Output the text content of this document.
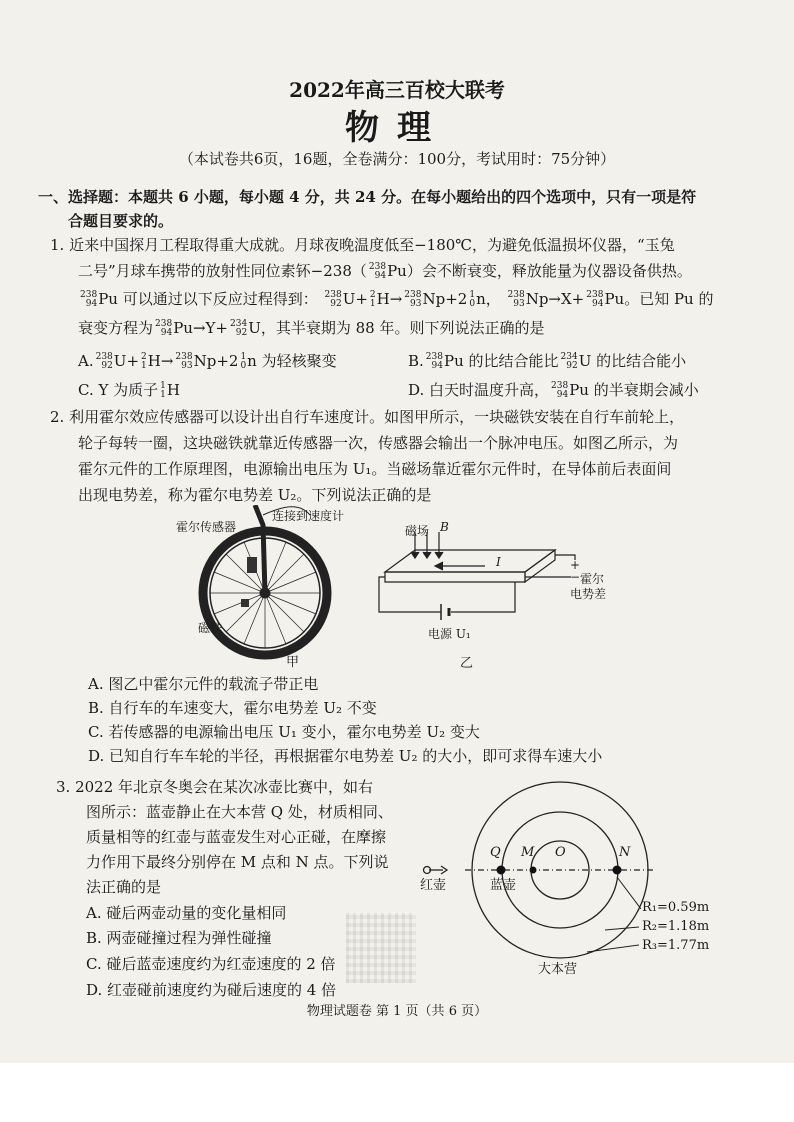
2022年高三百校大联考
物理
（本试卷共6页，16题，全卷满分：100分，考试用时：75分钟）
一、选择题：本题共 6 小题，每小题 4 分，共 24 分。在每小题给出的四个选项中，只有一项是符
合题目要求的。
1. 近来中国探月工程取得重大成就。月球夜晚温度低至−180℃，为避免低温损坏仪器，“玉兔
二号”月球车携带的放射性同位素钚−238（ 238
94 Pu）会不断衰变，释放能量为仪器设备供热。
238
94 Pu 可以通过以下反应过程得到： 238
92 U+ 2
1 H→ 238
93 Np+2 1
0 n， 238
93 Np→X+ 238
94 Pu。已知 Pu 的
衰变方程为 238
94 Pu→Y+ 234
92 U，其半衰期为 88 年。则下列说法正确的是
A. 238
92 U+ 2
1 H→ 238
93 Np+2 1
0 n 为轻核聚变	B. 238
94 Pu 的比结合能比 234
92 U 的比结合能小
C. Y 为质子 1
1 H	D. 白天时温度升高， 238
94 Pu 的半衰期会减小
2. 利用霍尔效应传感器可以设计出自行车速度计。如图甲所示，一块磁铁安装在自行车前轮上，
轮子每转一圈，这块磁铁就靠近传感器一次，传感器会输出一个脉冲电压。如图乙所示，为
霍尔元件的工作原理图，电源输出电压为 U₁。当磁场靠近霍尔元件时，在导体前后表面间
出现电势差，称为霍尔电势差 U₂。下列说法正确的是
霍尔传感器
连接到速度计
磁铁
甲
磁场 B
I	+
− 霍尔
电势差
电源 U₁
乙
A. 图乙中霍尔元件的载流子带正电
B. 自行车的车速变大，霍尔电势差 U₂ 不变
C. 若传感器的电源输出电压 U₁ 变小，霍尔电势差 U₂ 变大
D. 已知自行车车轮的半径，再根据霍尔电势差 U₂ 的大小，即可求得车速大小
3. 2022 年北京冬奥会在某次冰壶比赛中，如右
图所示：蓝壶静止在大本营 Q 处，材质相同、
质量相等的红壶与蓝壶发生对心正碰，在摩擦
力作用下最终分别停在 M 点和 N 点。下列说
法正确的是
A. 碰后两壶动量的变化量相同
B. 两壶碰撞过程为弹性碰撞
C. 碰后蓝壶速度约为红壶速度的 2 倍
D. 红壶碰前速度约为碰后速度的 4 倍
Q M O	N
红壶	蓝壶
R₁=0.59m
R₂=1.18m
R₃=1.77m
大本营
物理试题卷 第 1 页（共 6 页）
